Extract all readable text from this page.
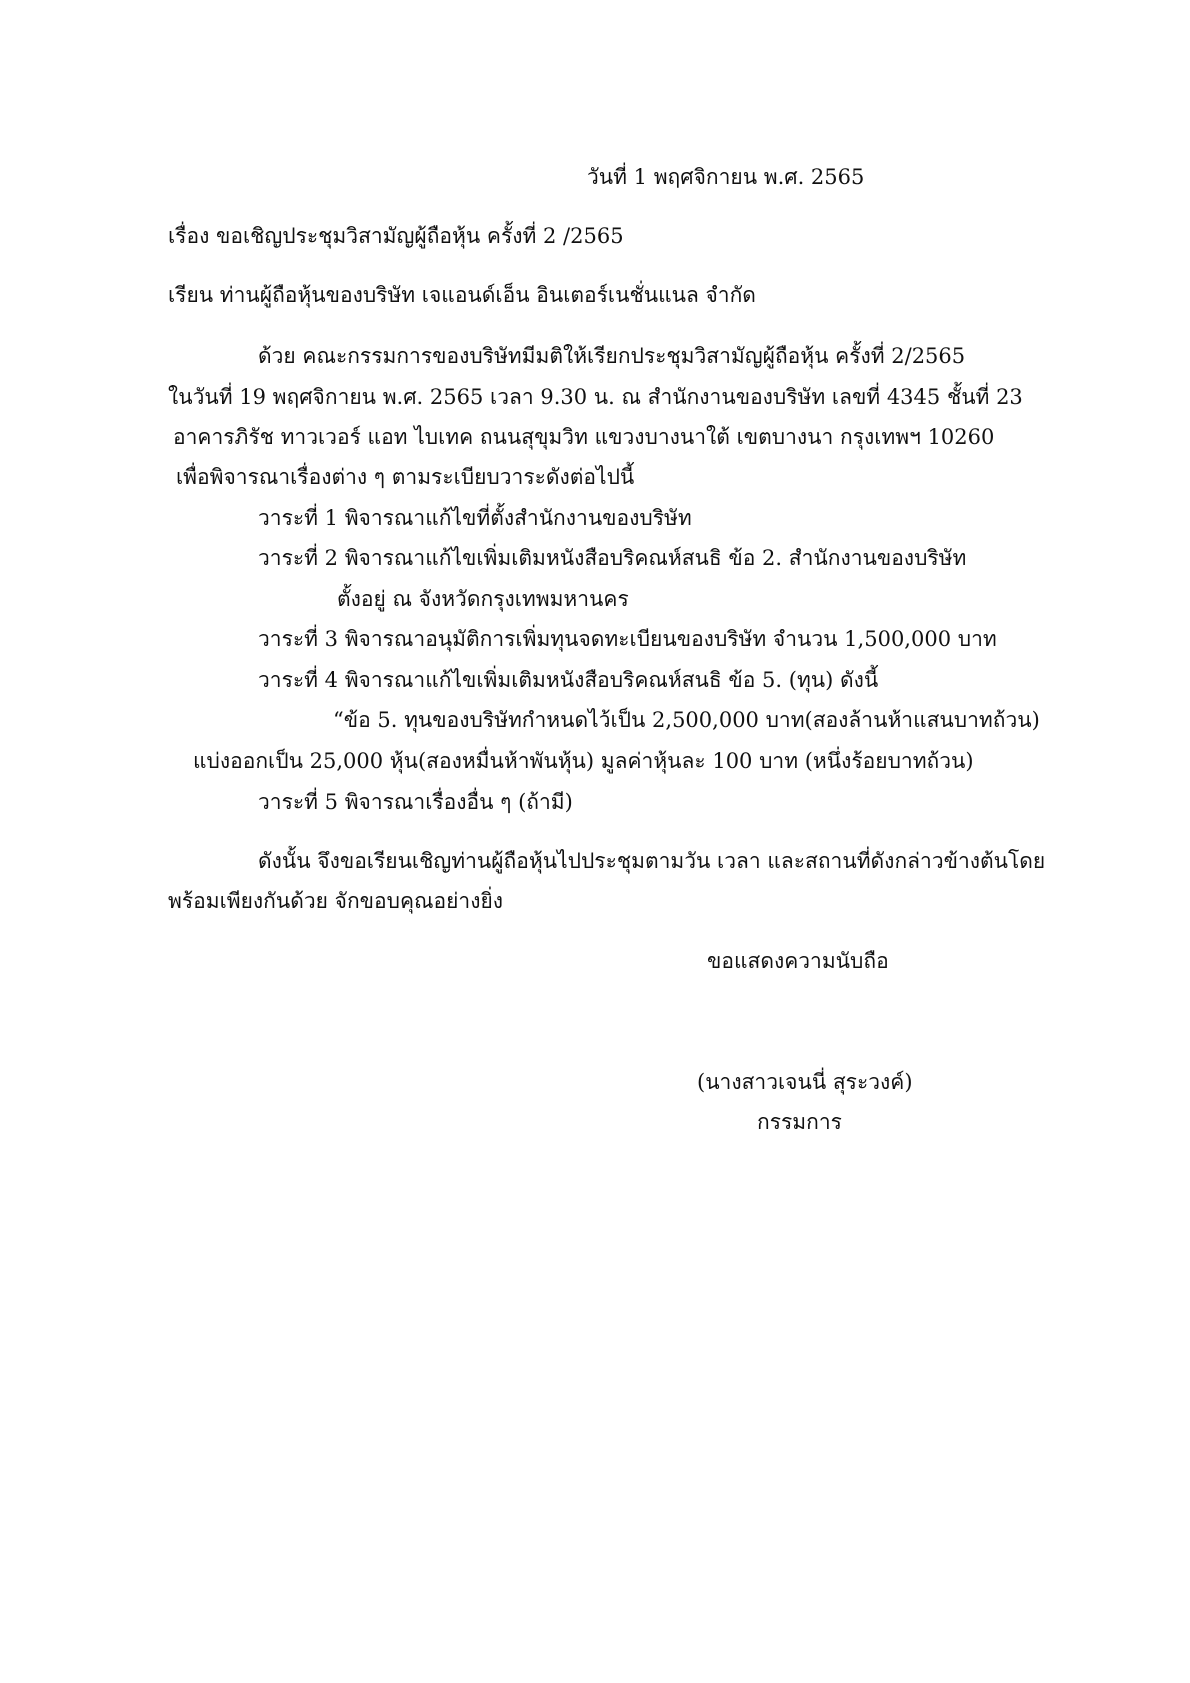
วันที่ 1 พฤศจิกายน พ.ศ. 2565
เรื่อง ขอเชิญประชุมวิสามัญผู้ถือหุ้น ครั้งที่ 2 /2565
เรียน ท่านผู้ถือหุ้นของบริษัท เจแอนด์เอ็น อินเตอร์เนชั่นแนล จำกัด
ด้วย คณะกรรมการของบริษัทมีมติให้เรียกประชุมวิสามัญผู้ถือหุ้น ครั้งที่ 2/2565
ในวันที่ 19 พฤศจิกายน พ.ศ. 2565 เวลา 9.30 น. ณ สำนักงานของบริษัท เลขที่ 4345 ชั้นที่ 23
อาคารภิรัช ทาวเวอร์ แอท ไบเทค ถนนสุขุมวิท แขวงบางนาใต้ เขตบางนา กรุงเทพฯ 10260
เพื่อพิจารณาเรื่องต่าง ๆ ตามระเบียบวาระดังต่อไปนี้
วาระที่ 1 พิจารณาแก้ไขที่ตั้งสำนักงานของบริษัท
วาระที่ 2 พิจารณาแก้ไขเพิ่มเติมหนังสือบริคณห์สนธิ ข้อ 2. สำนักงานของบริษัท
ตั้งอยู่ ณ จังหวัดกรุงเทพมหานคร
วาระที่ 3 พิจารณาอนุมัติการเพิ่มทุนจดทะเบียนของบริษัท จำนวน 1,500,000 บาท
วาระที่ 4 พิจารณาแก้ไขเพิ่มเติมหนังสือบริคณห์สนธิ ข้อ 5. (ทุน) ดังนี้
“ข้อ 5. ทุนของบริษัทกำหนดไว้เป็น 2,500,000 บาท(สองล้านห้าแสนบาทถ้วน)
แบ่งออกเป็น 25,000 หุ้น(สองหมื่นห้าพันหุ้น) มูลค่าหุ้นละ 100 บาท (หนึ่งร้อยบาทถ้วน)
วาระที่ 5 พิจารณาเรื่องอื่น ๆ (ถ้ามี)
ดังนั้น จึงขอเรียนเชิญท่านผู้ถือหุ้นไปประชุมตามวัน เวลา และสถานที่ดังกล่าวข้างต้นโดย
พร้อมเพียงกันด้วย จักขอบคุณอย่างยิ่ง
ขอแสดงความนับถือ
(นางสาวเจนนี่ สุระวงค์)
กรรมการ
